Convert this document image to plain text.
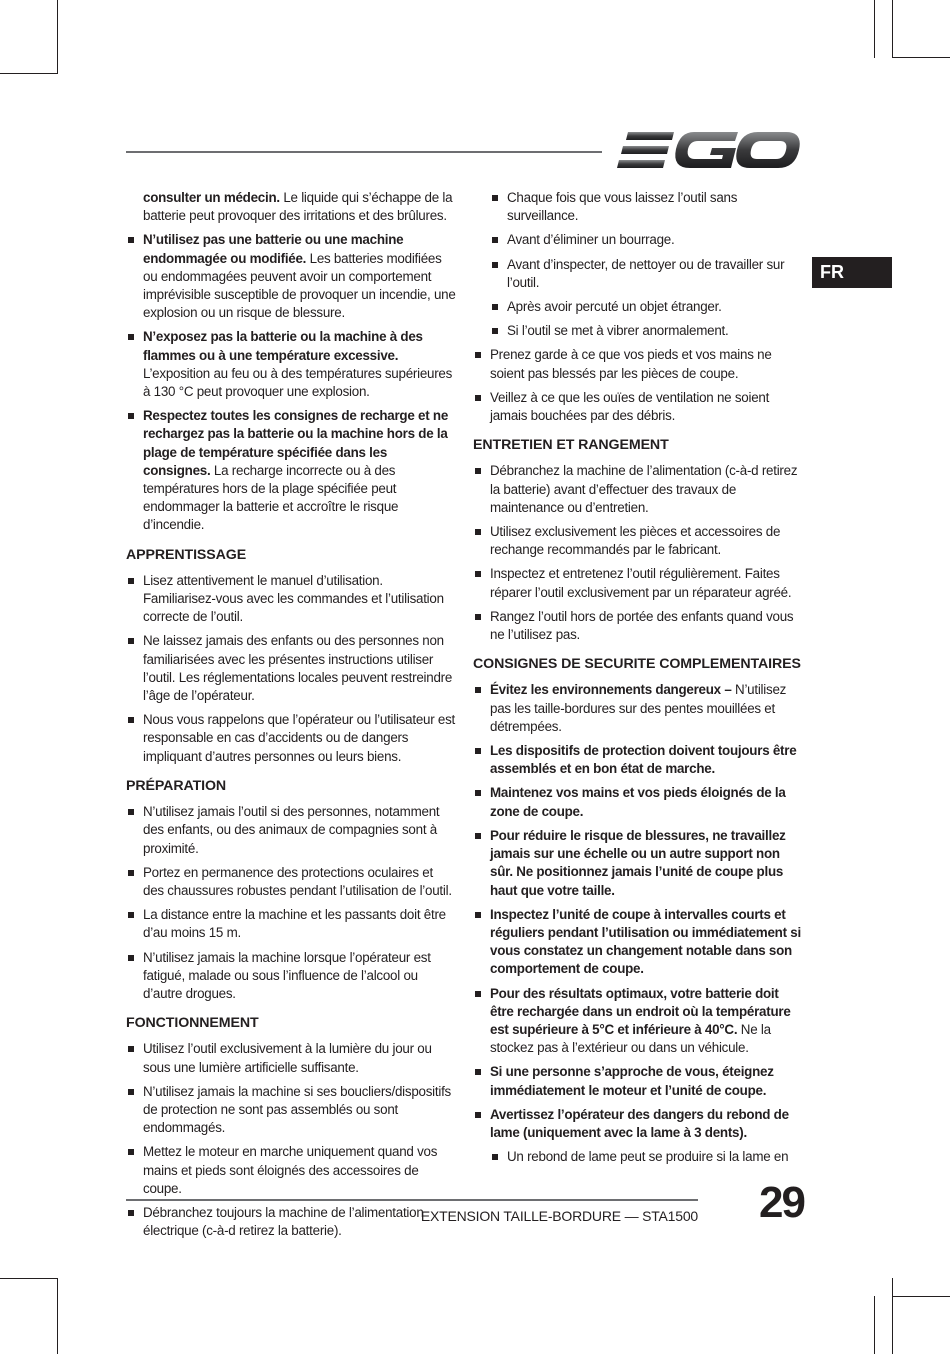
FR

consulter un médecin. Le liquide qui s’échappe de la batterie peut provoquer des irritations et des brûlures.

N’utilisez pas une batterie ou une machine endommagée ou modifiée. Les batteries modifiées ou endommagées peuvent avoir un comportement imprévisible susceptible de provoquer un incendie, une explosion ou un risque de blessure.
N’exposez pas la batterie ou la machine à des flammes ou à une température excessive. L’exposition au feu ou à des températures supérieures à 130 °C peut provoquer une explosion.
Respectez toutes les consignes de recharge et ne rechargez pas la batterie ou la machine hors de la plage de température spécifiée dans les consignes. La recharge incorrecte ou à des températures hors de la plage spécifiée peut endommager la batterie et accroître le risque d’incendie.
APPRENTISSAGE
Lisez attentivement le manuel d’utilisation. Familiarisez-vous avec les commandes et l’utilisation correcte de l’outil.
Ne laissez jamais des enfants ou des personnes non familiarisées avec les présentes instructions utiliser l’outil. Les réglementations locales peuvent restreindre l’âge de l’opérateur.
Nous vous rappelons que l’opérateur ou l’utilisateur est responsable en cas d’accidents ou de dangers impliquant d’autres personnes ou leurs biens.
PRÉPARATION
N’utilisez jamais l’outil si des personnes, notamment des enfants, ou des animaux de compagnies sont à proximité.
Portez en permanence des protections oculaires et des chaussures robustes pendant l’utilisation de l’outil.
La distance entre la machine et les passants doit être d’au moins 15 m.
N’utilisez jamais la machine lorsque l’opérateur est fatigué, malade ou sous l’influence de l’alcool ou d’autre drogues.
FONCTIONNEMENT
Utilisez l’outil exclusivement à la lumière du jour ou sous une lumière artificielle suffisante.
N’utilisez jamais la machine si ses boucliers/dispositifs de protection ne sont pas assemblés ou sont endommagés.
Mettez le moteur en marche uniquement quand vos mains et pieds sont éloignés des accessoires de coupe.
Débranchez toujours la machine de l’alimentation électrique (c-à-d retirez la batterie).
Chaque fois que vous laissez l’outil sans surveillance.
Avant d’éliminer un bourrage.
Avant d’inspecter, de nettoyer ou de travailler sur l’outil.
Après avoir percuté un objet étranger.
Si l’outil se met à vibrer anormalement.
Prenez garde à ce que vos pieds et vos mains ne soient pas blessés par les pièces de coupe.
Veillez à ce que les ouïes de ventilation ne soient jamais bouchées par des débris.
ENTRETIEN ET RANGEMENT
Débranchez la machine de l’alimentation (c-à-d retirez la batterie) avant d’effectuer des travaux de maintenance ou d’entretien.
Utilisez exclusivement les pièces et accessoires de rechange recommandés par le fabricant.
Inspectez et entretenez l’outil régulièrement. Faites réparer l’outil exclusivement par un réparateur agréé.
Rangez l’outil hors de portée des enfants quand vous ne l’utilisez pas.
CONSIGNES DE SECURITE COMPLEMENTAIRES
Évitez les environnements dangereux – N’utilisez pas les taille-bordures sur des pentes mouillées et détrempées.
Les dispositifs de protection doivent toujours être assemblés et en bon état de marche.
Maintenez vos mains et vos pieds éloignés de la zone de coupe.
Pour réduire le risque de blessures, ne travaillez jamais sur une échelle ou un autre support non sûr. Ne positionnez jamais l’unité de coupe plus haut que votre taille.
Inspectez l’unité de coupe à intervalles courts et réguliers pendant l’utilisation ou immédiatement si vous constatez un changement notable dans son comportement de coupe.
Pour des résultats optimaux, votre batterie doit être rechargée dans un endroit où la température est supérieure à 5°C et inférieure à 40°C. Ne la stockez pas à l’extérieur ou dans un véhicule.
Si une personne s’approche de vous, éteignez immédiatement le moteur et l’unité de coupe.
Avertissez l’opérateur des dangers du rebond de lame (uniquement avec la lame à 3 dents).
Un rebond de lame peut se produire si la lame en
EXTENSION TAILLE-BORDURE — STA1500 29
